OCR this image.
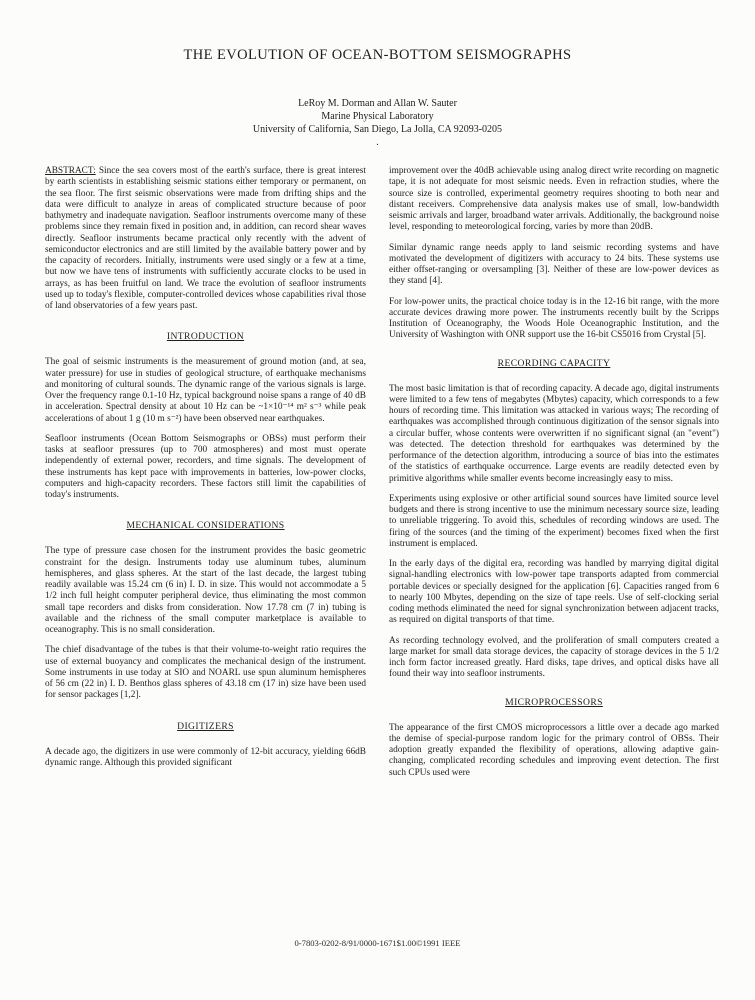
THE EVOLUTION OF OCEAN-BOTTOM SEISMOGRAPHS
LeRoy M. Dorman and Allan W. Sauter
Marine Physical Laboratory
University of California, San Diego, La Jolla, CA 92093-0205
.

ABSTRACT: Since the sea covers most of the earth's surface, there is great interest by earth scientists in establishing seismic stations either temporary or permanent, on the sea floor. The first seismic observations were made from drifting ships and the data were difficult to analyze in areas of complicated structure because of poor bathymetry and inadequate navigation. Seafloor instruments overcome many of these problems since they remain fixed in position and, in addition, can record shear waves directly. Seafloor instruments became practical only recently with the advent of semiconductor electronics and are still limited by the available battery power and by the capacity of recorders. Initially, instruments were used singly or a few at a time, but now we have tens of instruments with sufficiently accurate clocks to be used in arrays, as has been fruitful on land. We trace the evolution of seafloor instruments used up to today's flexible, computer-controlled devices whose capabilities rival those of land observatories of a few years past.

INTRODUCTION

The goal of seismic instruments is the measurement of ground motion (and, at sea, water pressure) for use in studies of geological structure, of earthquake mechanisms and monitoring of cultural sounds. The dynamic range of the various signals is large. Over the frequency range 0.1-10 Hz, typical background noise spans a range of 40 dB in acceleration. Spectral density at about 10 Hz can be ~1×10⁻¹⁴ m² s⁻³ while peak accelerations of about 1 g (10 m s⁻²) have been observed near earthquakes.

Seafloor instruments (Ocean Bottom Seismographs or OBSs) must perform their tasks at seafloor pressures (up to 700 atmospheres) and most must operate independently of external power, recorders, and time signals. The development of these instruments has kept pace with improvements in batteries, low-power clocks, computers and high-capacity recorders. These factors still limit the capabilities of today's instruments.

MECHANICAL CONSIDERATIONS

The type of pressure case chosen for the instrument provides the basic geometric constraint for the design. Instruments today use aluminum tubes, aluminum hemispheres, and glass spheres. At the start of the last decade, the largest tubing readily available was 15.24 cm (6 in) I. D. in size. This would not accommodate a 5 1/2 inch full height computer peripheral device, thus eliminating the most common small tape recorders and disks from consideration. Now 17.78 cm (7 in) tubing is available and the richness of the small computer marketplace is available to oceanography. This is no small consideration.

The chief disadvantage of the tubes is that their volume-to-weight ratio requires the use of external buoyancy and complicates the mechanical design of the instrument. Some instruments in use today at SIO and NOARL use spun aluminum hemispheres of 56 cm (22 in) I. D. Benthos glass spheres of 43.18 cm (17 in) size have been used for sensor packages [1,2].

DIGITIZERS

A decade ago, the digitizers in use were commonly of 12-bit accuracy, yielding 66dB dynamic range. Although this provided significant

improvement over the 40dB achievable using analog direct write recording on magnetic tape, it is not adequate for most seismic needs. Even in refraction studies, where the source size is controlled, experimental geometry requires shooting to both near and distant receivers. Comprehensive data analysis makes use of small, low-bandwidth seismic arrivals and larger, broadband water arrivals. Additionally, the background noise level, responding to meteorological forcing, varies by more than 20dB.

Similar dynamic range needs apply to land seismic recording systems and have motivated the development of digitizers with accuracy to 24 bits. These systems use either offset-ranging or oversampling [3]. Neither of these are low-power devices as they stand [4].

For low-power units, the practical choice today is in the 12-16 bit range, with the more accurate devices drawing more power. The instruments recently built by the Scripps Institution of Oceanography, the Woods Hole Oceanographic Institution, and the University of Washington with ONR support use the 16-bit CS5016 from Crystal [5].

RECORDING CAPACITY

The most basic limitation is that of recording capacity. A decade ago, digital instruments were limited to a few tens of megabytes (Mbytes) capacity, which corresponds to a few hours of recording time. This limitation was attacked in various ways; The recording of earthquakes was accomplished through continuous digitization of the sensor signals into a circular buffer, whose contents were overwritten if no significant signal (an "event") was detected. The detection threshold for earthquakes was determined by the performance of the detection algorithm, introducing a source of bias into the estimates of the statistics of earthquake occurrence. Large events are readily detected even by primitive algorithms while smaller events become increasingly easy to miss.

Experiments using explosive or other artificial sound sources have limited source level budgets and there is strong incentive to use the minimum necessary source size, leading to unreliable triggering. To avoid this, schedules of recording windows are used. The firing of the sources (and the timing of the experiment) becomes fixed when the first instrument is emplaced.

In the early days of the digital era, recording was handled by marrying digital digital signal-handling electronics with low-power tape transports adapted from commercial portable devices or specially designed for the application [6]. Capacities ranged from 6 to nearly 100 Mbytes, depending on the size of tape reels. Use of self-clocking serial coding methods eliminated the need for signal synchronization between adjacent tracks, as required on digital transports of that time.

As recording technology evolved, and the proliferation of small computers created a large market for small data storage devices, the capacity of storage devices in the 5 1/2 inch form factor increased greatly. Hard disks, tape drives, and optical disks have all found their way into seafloor instruments.

MICROPROCESSORS

The appearance of the first CMOS microprocessors a little over a decade ago marked the demise of special-purpose random logic for the primary control of OBSs. Their adoption greatly expanded the flexibility of operations, allowing adaptive gain-changing, complicated recording schedules and improving event detection. The first such CPUs used were

0-7803-0202-8/91/0000-1671$1.00©1991 IEEE
